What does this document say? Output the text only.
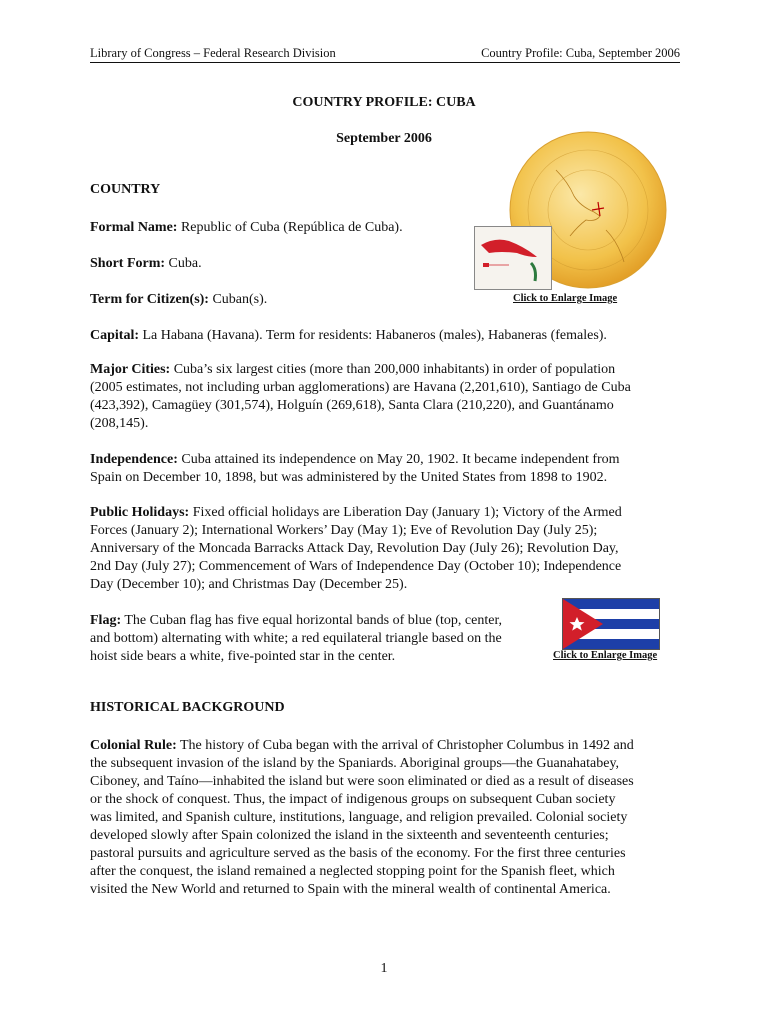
Library of Congress – Federal Research Division	Country Profile: Cuba, September 2006
COUNTRY PROFILE: CUBA
September 2006
COUNTRY
Formal Name: Republic of Cuba (República de Cuba).
Short Form: Cuba.
Term for Citizen(s): Cuban(s).	Click to Enlarge Image
Capital: La Habana (Havana). Term for residents: Habaneros (males), Habaneras (females).
Major Cities: Cuba’s six largest cities (more than 200,000 inhabitants) in order of population
(2005 estimates, not including urban agglomerations) are Havana (2,201,610), Santiago de Cuba
(423,392), Camagüey (301,574), Holguín (269,618), Santa Clara (210,220), and Guantánamo
(208,145).
Independence: Cuba attained its independence on May 20, 1902. It became independent from
Spain on December 10, 1898, but was administered by the United States from 1898 to 1902.
Public Holidays: Fixed official holidays are Liberation Day (January 1); Victory of the Armed
Forces (January 2); International Workers’ Day (May 1); Eve of Revolution Day (July 25);
Anniversary of the Moncada Barracks Attack Day, Revolution Day (July 26); Revolution Day,
2nd Day (July 27); Commencement of Wars of Independence Day (October 10); Independence
Day (December 10); and Christmas Day (December 25).
Flag: The Cuban flag has five equal horizontal bands of blue (top, center,
and bottom) alternating with white; a red equilateral triangle based on the
hoist side bears a white, five-pointed star in the center.	Click to Enlarge Image
HISTORICAL BACKGROUND
Colonial Rule: The history of Cuba began with the arrival of Christopher Columbus in 1492 and
the subsequent invasion of the island by the Spaniards. Aboriginal groups—the Guanahatabey,
Ciboney, and Taíno—inhabited the island but were soon eliminated or died as a result of diseases
or the shock of conquest. Thus, the impact of indigenous groups on subsequent Cuban society
was limited, and Spanish culture, institutions, language, and religion prevailed. Colonial society
developed slowly after Spain colonized the island in the sixteenth and seventeenth centuries;
pastoral pursuits and agriculture served as the basis of the economy. For the first three centuries
after the conquest, the island remained a neglected stopping point for the Spanish fleet, which
visited the New World and returned to Spain with the mineral wealth of continental America.
1
